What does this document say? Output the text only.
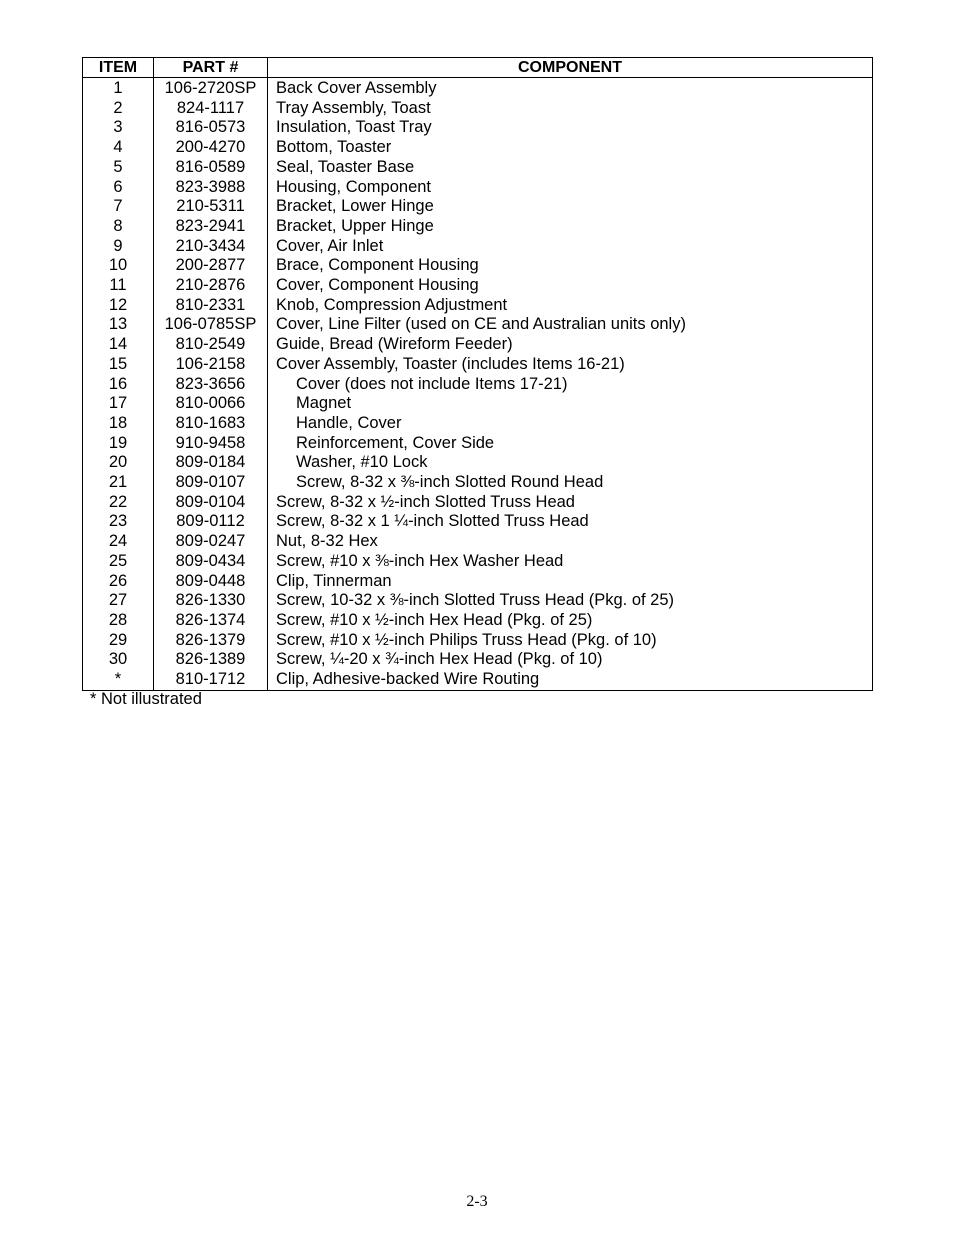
ITEM	PART #	COMPONENT
1	106-2720SP	Back Cover Assembly
2	824-1117	Tray Assembly, Toast
3	816-0573	Insulation, Toast Tray
4	200-4270	Bottom, Toaster
5	816-0589	Seal, Toaster Base
6	823-3988	Housing, Component
7	210-5311	Bracket, Lower Hinge
8	823-2941	Bracket, Upper Hinge
9	210-3434	Cover, Air Inlet
10	200-2877	Brace, Component Housing
11	210-2876	Cover, Component Housing
12	810-2331	Knob, Compression Adjustment
13	106-0785SP	Cover, Line Filter (used on CE and Australian units only)
14	810-2549	Guide, Bread (Wireform Feeder)
15	106-2158	Cover Assembly, Toaster (includes Items 16-21)
16	823-3656	Cover (does not include Items 17-21)
17	810-0066	Magnet
18	810-1683	Handle, Cover
19	910-9458	Reinforcement, Cover Side
20	809-0184	Washer, #10 Lock
21	809-0107	Screw, 8-32 x ⅜-inch Slotted Round Head
22	809-0104	Screw, 8-32 x ½-inch Slotted Truss Head
23	809-0112	Screw, 8-32 x 1 ¼-inch Slotted Truss Head
24	809-0247	Nut, 8-32 Hex
25	809-0434	Screw, #10 x ⅜-inch Hex Washer Head
26	809-0448	Clip, Tinnerman
27	826-1330	Screw, 10-32 x ⅜-inch Slotted Truss Head (Pkg. of 25)
28	826-1374	Screw, #10 x ½-inch Hex Head (Pkg. of 25)
29	826-1379	Screw, #10 x ½-inch Philips Truss Head (Pkg. of 10)
30	826-1389	Screw, ¼-20 x ¾-inch Hex Head (Pkg. of 10)
*	810-1712	Clip, Adhesive-backed Wire Routing
* Not illustrated
2-3
